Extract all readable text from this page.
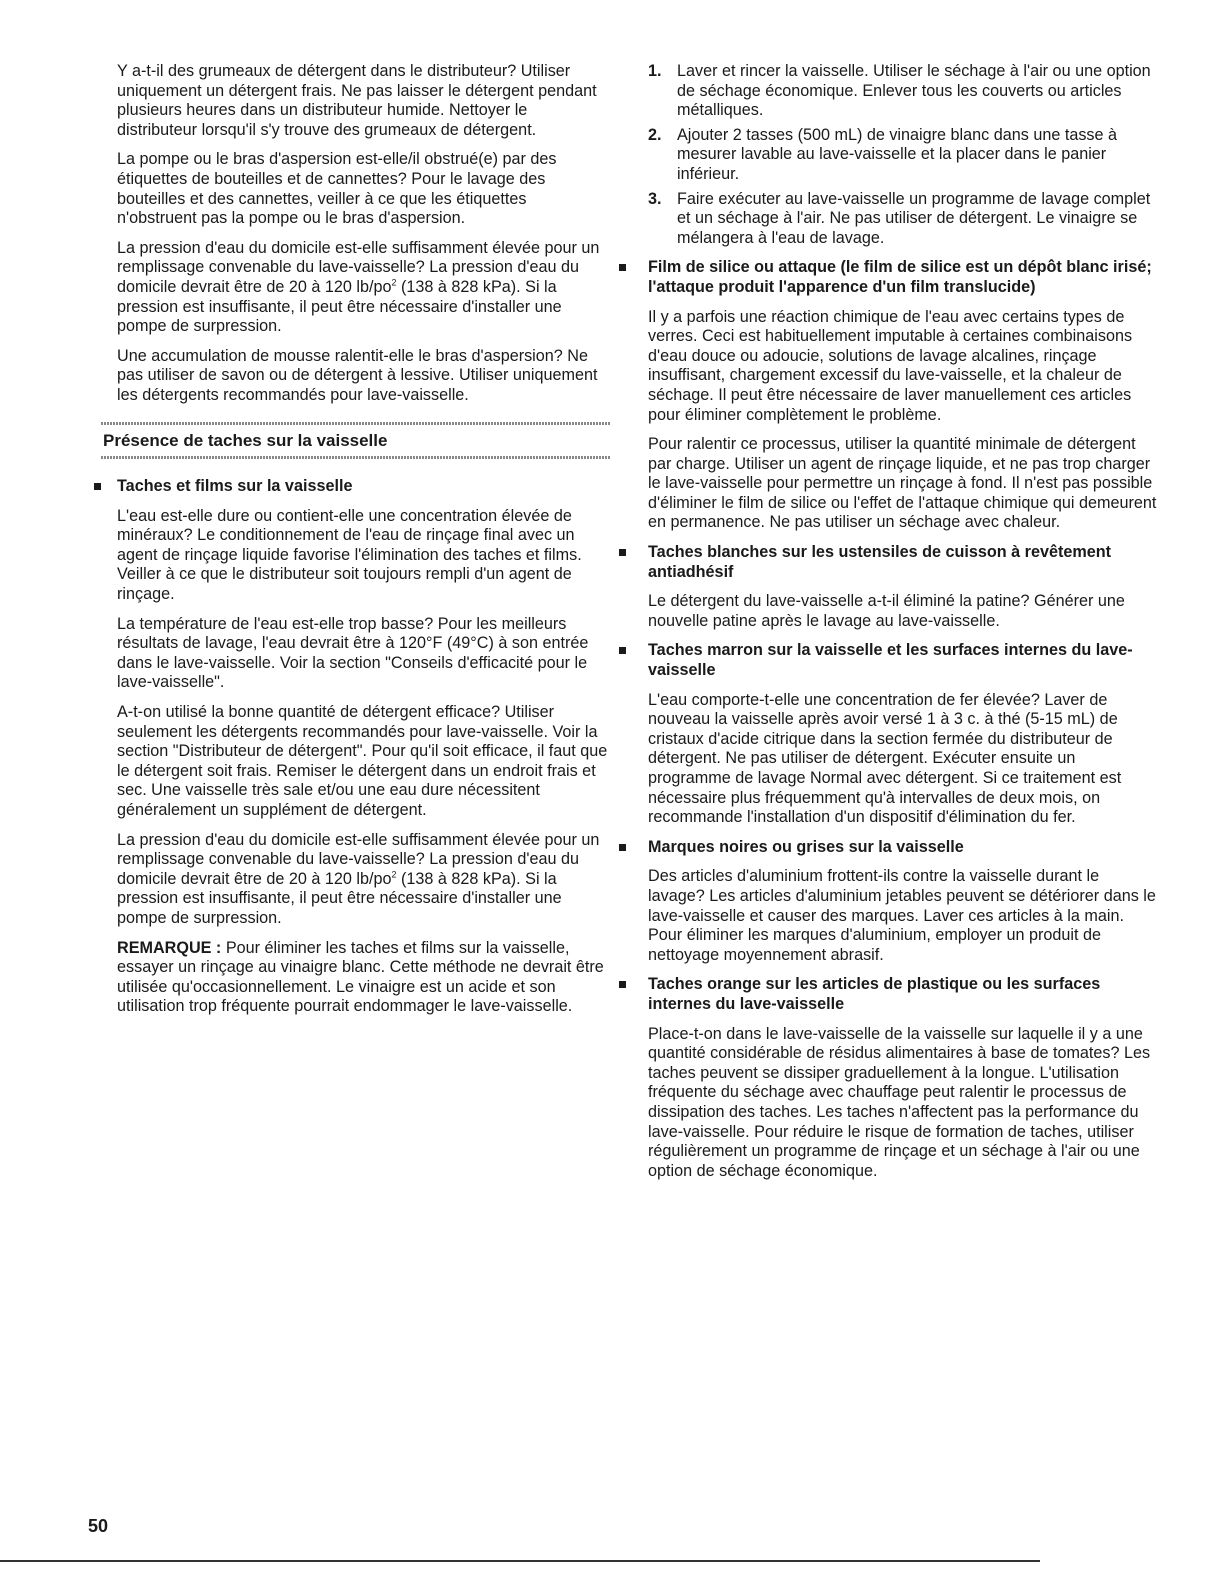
Y a-t-il des grumeaux de détergent dans le distributeur? Utiliser uniquement un détergent frais. Ne pas laisser le détergent pendant plusieurs heures dans un distributeur humide. Nettoyer le distributeur lorsqu'il s'y trouve des grumeaux de détergent.

La pompe ou le bras d'aspersion est-elle/il obstrué(e) par des étiquettes de bouteilles et de cannettes? Pour le lavage des bouteilles et des cannettes, veiller à ce que les étiquettes n'obstruent pas la pompe ou le bras d'aspersion.

La pression d'eau du domicile est-elle suffisamment élevée pour un remplissage convenable du lave-vaisselle? La pression d'eau du domicile devrait être de 20 à 120 $lb/po^2$ (138 à 828 kPa). Si la pression est insuffisante, il peut être nécessaire d'installer une pompe de surpression.

Une accumulation de mousse ralentit-elle le bras d'aspersion? Ne pas utiliser de savon ou de détergent à lessive. Utiliser uniquement les détergents recommandés pour lave-vaisselle.

Présence de taches sur la vaisselle
Taches et films sur la vaisselle

L'eau est-elle dure ou contient-elle une concentration élevée de minéraux? Le conditionnement de l'eau de rinçage final avec un agent de rinçage liquide favorise l'élimination des taches et films. Veiller à ce que le distributeur soit toujours rempli d'un agent de rinçage.

La température de l'eau est-elle trop basse? Pour les meilleurs résultats de lavage, l'eau devrait être à 120°F (49°C) à son entrée dans le lave-vaisselle. Voir la section "Conseils d'efficacité pour le lave-vaisselle".

A-t-on utilisé la bonne quantité de détergent efficace? Utiliser seulement les détergents recommandés pour lave-vaisselle. Voir la section "Distributeur de détergent". Pour qu'il soit efficace, il faut que le détergent soit frais. Remiser le détergent dans un endroit frais et sec. Une vaisselle très sale et/ou une eau dure nécessitent généralement un supplément de détergent.

La pression d'eau du domicile est-elle suffisamment élevée pour un remplissage convenable du lave-vaisselle? La pression d'eau du domicile devrait être de 20 à 120 $lb/po^2$ (138 à 828 kPa). Si la pression est insuffisante, il peut être nécessaire d'installer une pompe de surpression.

REMARQUE : Pour éliminer les taches et films sur la vaisselle, essayer un rinçage au vinaigre blanc. Cette méthode ne devrait être utilisée qu'occasionnellement. Le vinaigre est un acide et son utilisation trop fréquente pourrait endommager le lave-vaisselle.

1. Laver et rincer la vaisselle. Utiliser le séchage à l'air ou une option de séchage économique. Enlever tous les couverts ou articles métalliques.
2. Ajouter 2 tasses (500 mL) de vinaigre blanc dans une tasse à mesurer lavable au lave-vaisselle et la placer dans le panier inférieur.
3. Faire exécuter au lave-vaisselle un programme de lavage complet et un séchage à l'air. Ne pas utiliser de détergent. Le vinaigre se mélangera à l'eau de lavage.
Film de silice ou attaque (le film de silice est un dépôt blanc irisé; l'attaque produit l'apparence d'un film translucide)

Il y a parfois une réaction chimique de l'eau avec certains types de verres. Ceci est habituellement imputable à certaines combinaisons d'eau douce ou adoucie, solutions de lavage alcalines, rinçage insuffisant, chargement excessif du lave-vaisselle, et la chaleur de séchage. Il peut être nécessaire de laver manuellement ces articles pour éliminer complètement le problème.

Pour ralentir ce processus, utiliser la quantité minimale de détergent par charge. Utiliser un agent de rinçage liquide, et ne pas trop charger le lave-vaisselle pour permettre un rinçage à fond. Il n'est pas possible d'éliminer le film de silice ou l'effet de l'attaque chimique qui demeurent en permanence. Ne pas utiliser un séchage avec chaleur.

Taches blanches sur les ustensiles de cuisson à revêtement antiadhésif

Le détergent du lave-vaisselle a-t-il éliminé la patine? Générer une nouvelle patine après le lavage au lave-vaisselle.

Taches marron sur la vaisselle et les surfaces internes du lave-vaisselle

L'eau comporte-t-elle une concentration de fer élevée? Laver de nouveau la vaisselle après avoir versé 1 à 3 c. à thé (5-15 mL) de cristaux d'acide citrique dans la section fermée du distributeur de détergent. Ne pas utiliser de détergent. Exécuter ensuite un programme de lavage Normal avec détergent. Si ce traitement est nécessaire plus fréquemment qu'à intervalles de deux mois, on recommande l'installation d'un dispositif d'élimination du fer.

Marques noires ou grises sur la vaisselle

Des articles d'aluminium frottent-ils contre la vaisselle durant le lavage? Les articles d'aluminium jetables peuvent se détériorer dans le lave-vaisselle et causer des marques. Laver ces articles à la main. Pour éliminer les marques d'aluminium, employer un produit de nettoyage moyennement abrasif.

Taches orange sur les articles de plastique ou les surfaces internes du lave-vaisselle

Place-t-on dans le lave-vaisselle de la vaisselle sur laquelle il y a une quantité considérable de résidus alimentaires à base de tomates? Les taches peuvent se dissiper graduellement à la longue. L'utilisation fréquente du séchage avec chauffage peut ralentir le processus de dissipation des taches. Les taches n'affectent pas la performance du lave-vaisselle. Pour réduire le risque de formation de taches, utiliser régulièrement un programme de rinçage et un séchage à l'air ou une option de séchage économique.

50
